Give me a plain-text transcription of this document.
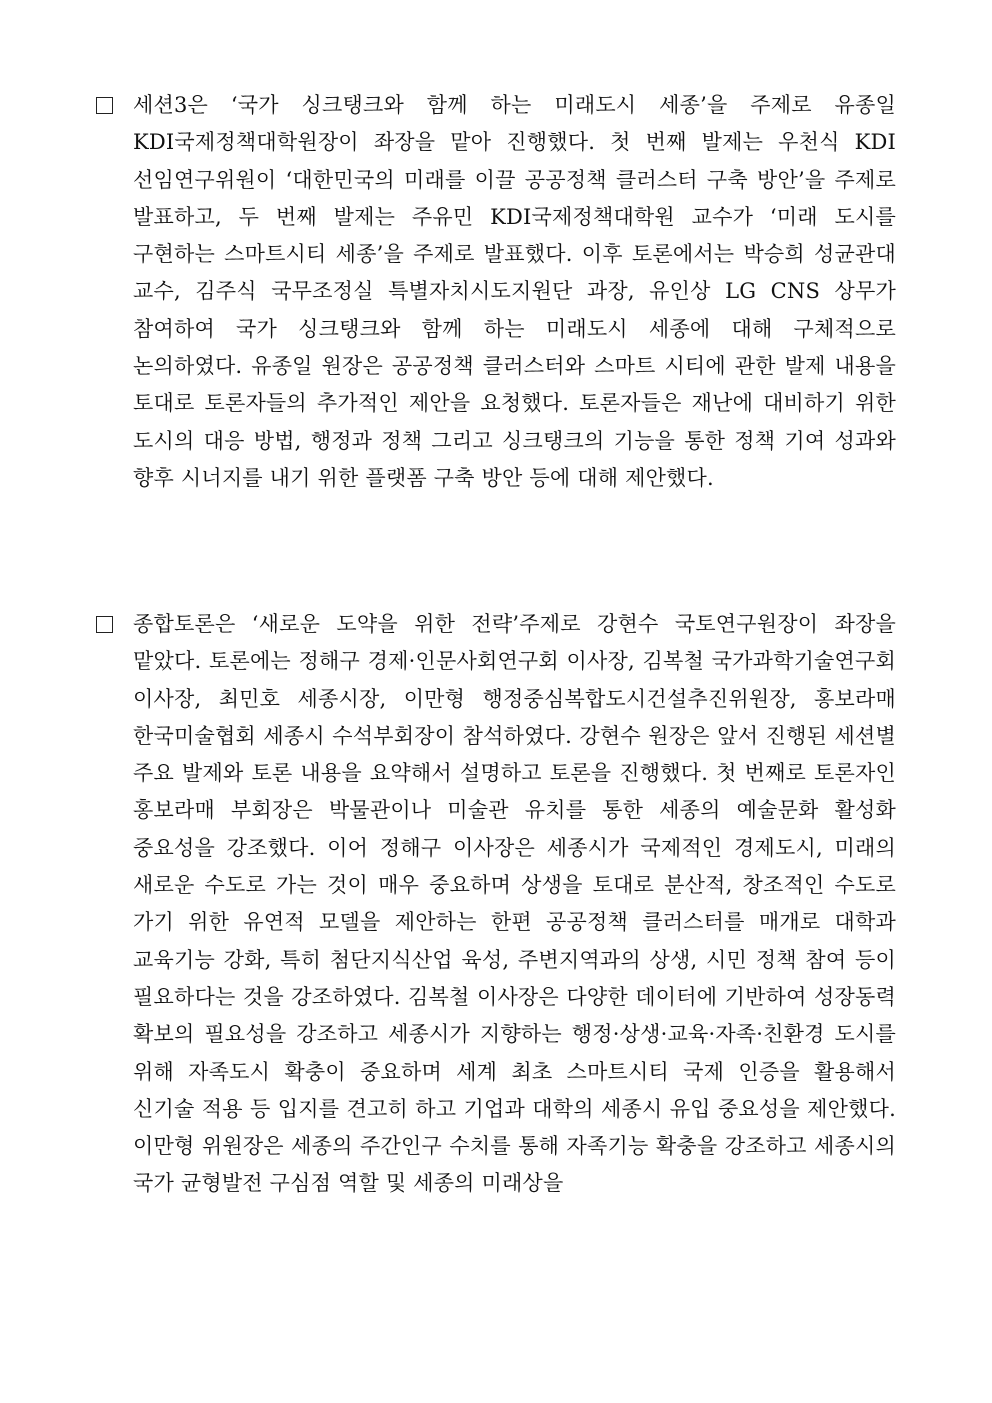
세션3은 ‘국가 싱크탱크와 함께 하는 미래도시 세종’을 주제로 유종일 KDI국제정책대학원장이 좌장을 맡아 진행했다. 첫 번째 발제는 우천식 KDI 선임연구위원이 ‘대한민국의 미래를 이끌 공공정책 클러스터 구축 방안’을 주제로 발표하고, 두 번째 발제는 주유민 KDI국제정책대학원 교수가 ‘미래 도시를 구현하는 스마트시티 세종’을 주제로 발표했다. 이후 토론에서는 박승희 성균관대 교수, 김주식 국무조정실 특별자치시도지원단 과장, 유인상 LG CNS 상무가 참여하여 국가 싱크탱크와 함께 하는 미래도시 세종에 대해 구체적으로 논의하였다. 유종일 원장은 공공정책 클러스터와 스마트 시티에 관한 발제 내용을 토대로 토론자들의 추가적인 제안을 요청했다. 토론자들은 재난에 대비하기 위한 도시의 대응 방법, 행정과 정책 그리고 싱크탱크의 기능을 통한 정책 기여 성과와 향후 시너지를 내기 위한 플랫폼 구축 방안 등에 대해 제안했다.

종합토론은 ‘새로운 도약을 위한 전략’주제로 강현수 국토연구원장이 좌장을 맡았다. 토론에는 정해구 경제·인문사회연구회 이사장, 김복철 국가과학기술연구회 이사장, 최민호 세종시장, 이만형 행정중심복합도시건설추진위원장, 홍보라매 한국미술협회 세종시 수석부회장이 참석하였다. 강현수 원장은 앞서 진행된 세션별 주요 발제와 토론 내용을 요약해서 설명하고 토론을 진행했다. 첫 번째로 토론자인 홍보라매 부회장은 박물관이나 미술관 유치를 통한 세종의 예술문화 활성화 중요성을 강조했다. 이어 정해구 이사장은 세종시가 국제적인 경제도시, 미래의 새로운 수도로 가는 것이 매우 중요하며 상생을 토대로 분산적, 창조적인 수도로 가기 위한 유연적 모델을 제안하는 한편 공공정책 클러스터를 매개로 대학과 교육기능 강화, 특히 첨단지식산업 육성, 주변지역과의 상생, 시민 정책 참여 등이 필요하다는 것을 강조하였다. 김복철 이사장은 다양한 데이터에 기반하여 성장동력 확보의 필요성을 강조하고 세종시가 지향하는 행정·상생·교육·자족·친환경 도시를 위해 자족도시 확충이 중요하며 세계 최초 스마트시티 국제 인증을 활용해서 신기술 적용 등 입지를 견고히 하고 기업과 대학의 세종시 유입 중요성을 제안했다.이만형 위원장은 세종의 주간인구 수치를 통해 자족기능 확충을 강조하고 세종시의 국가 균형발전 구심점 역할 및 세종의 미래상을
